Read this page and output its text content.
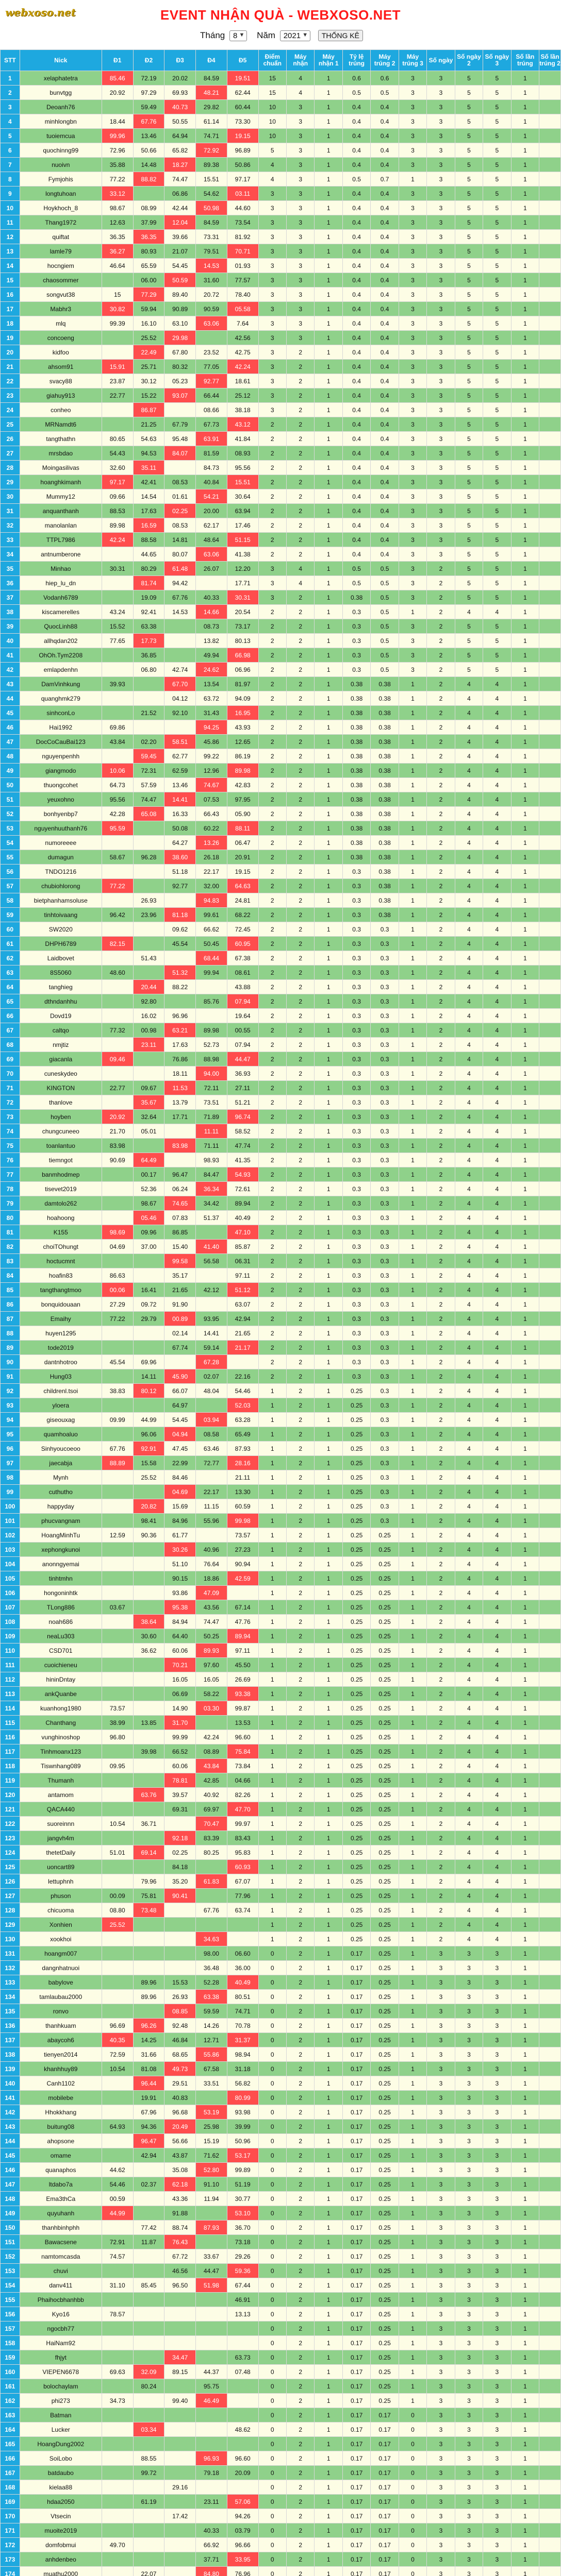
webxoso.net	EVENT NHẬN QUÀ - WEBXOSO.NET
Tháng 8 ▼ Năm 2021 ▼ THỐNG KÊ
STT	Nick	Đ1	Đ2	Đ3	Đ4	Đ5	Điểm chuẩn	Máy nhận	Máy nhận 1	Tỷ lệ trúng	Máy trúng 2	Máy trúng 3	Số ngày	Số ngày 2	Số ngày 3	Số lần trúng	Số lần trúng 2
1	xelaphatetra	85.46	72.19	20.02	84.59	19.51	15	4	1	0.6	0.6	3	3	5	5	1	
2	bunvtgg	20.92	97.29	69.93	48.21	62.44	15	4	1	0.5	0.5	3	3	5	5	1	
3	Deoanh76		59.49	40.73	29.82	60.44	10	3	1	0.4	0.4	3	3	5	5	1	
4	minhlongbn	18.44	67.76	50.55	61.14	73.30	10	3	1	0.4	0.4	3	3	5	5	1	
5	tuoiemcua	99.96	13.46	64.94	74.71	19.15	10	3	1	0.4	0.4	3	3	5	5	1	
6	quochinng99	72.96	50.66	65.82	72.92	96.89	5	3	1	0.4	0.4	3	3	5	5	1	
7	nuoivn	35.88	14.48	18.27	89.38	50.86	4	3	1	0.4	0.4	3	3	5	5	1	
8	Fymjohis	77.22	88.82	74.47	15.51	97.17	4	3	1	0.5	0.7	1	3	5	5	1	
9	longtuhoan	33.12		06.86	54.62	03.11	3	3	1	0.4	0.4	3	3	5	5	1	
10	Hoykhoch_8	98.67	08.99	42.44	50.98	44.60	3	3	1	0.4	0.4	3	3	5	5	1	
11	Thang1972	12.63	37.99	12.04	84.59	73.54	3	3	1	0.4	0.4	3	3	5	5	1	
12	quiftat	36.35	36.35	39.66	73.31	81.92	3	3	1	0.4	0.4	3	3	5	5	1	
13	lamle79	36.27	80.93	21.07	79.51	70.71	3	3	1	0.4	0.4	3	3	5	5	1	
14	hocngiem	46.64	65.59	54.45	14.53	01.93	3	3	1	0.4	0.4	3	3	5	5	1	
15	chaosommer		06.00	50.59	31.60	77.57	3	3	1	0.4	0.4	3	3	5	5	1	
16	songvut38	15	77.29	89.40	20.72	78.40	3	3	1	0.4	0.4	3	3	5	5	1	
17	Mabhr3	30.82	59.94	90.89	90.59	05.58	3	3	1	0.4	0.4	3	3	5	5	1	
18	mlq	99.39	16.10	63.10	63.06	7.64	3	3	1	0.4	0.4	3	3	5	5	1	
19	concoeng		25.52	29.98		42.56	3	3	1	0.4	0.4	3	3	5	5	1	
20	kidfoo		22.49	67.80	23.52	42.75	3	2	1	0.4	0.4	3	3	5	5	1	
21	ahsom91	15.91	25.71	80.32	77.05	42.24	3	2	1	0.4	0.4	3	3	5	5	1	
22	svacy88	23.87	30.12	05.23	92.77	18.61	3	2	1	0.4	0.4	3	3	5	5	1	
23	giahuy913	22.77	15.22	93.07	66.44	25.12	3	2	1	0.4	0.4	3	3	5	5	1	
24	conheo		86.87		08.66	38.18	3	2	1	0.4	0.4	3	3	5	5	1	
25	MRNamdt6		21.25	67.79	67.73	43.12	2	2	1	0.4	0.4	3	3	5	5	1	
26	tangthathn	80.65	54.63	95.48	63.91	41.84	2	2	1	0.4	0.4	3	3	5	5	1	
27	mrsbdao	54.43	94.53	84.07	81.59	08.93	2	2	1	0.4	0.4	3	3	5	5	1	
28	Moingasilivas	32.60	35.11		84.73	95.56	2	2	1	0.4	0.4	3	3	5	5	1	
29	hoanghkimanh	97.17	42.41	08.53	40.84	15.51	2	2	1	0.4	0.4	3	3	5	5	1	
30	Mummy12	09.66	14.54	01.61	54.21	30.64	2	2	1	0.4	0.4	3	3	5	5	1	
31	anquanthanh	88.53	17.63	02.25	20.00	63.94	2	2	1	0.4	0.4	3	3	5	5	1	
32	manolanlan	89.98	16.59	08.53	62.17	17.46	2	2	1	0.4	0.4	3	3	5	5	1	
33	TTPL7986	42.24	88.58	14.81	48.64	51.15	2	2	1	0.4	0.4	3	3	5	5	1	
34	antnumberone		44.65	80.07	63.06	41.38	2	2	1	0.4	0.4	3	3	5	5	1	
35	Minhao	30.31	80.29	61.48	26.07	12.20	3	4	1	0.5	0.5	3	2	5	5	1	
36	hiep_lu_dn		81.74	94.42		17.71	3	4	1	0.5	0.5	3	2	5	5	1	
37	Vodanh6789		19.09	67.76	40.33	30.31	3	2	1	0.38	0.5	3	2	5	5	1	
38	kiscamerelles	43.24	92.41	14.53	14.66	20.54	2	2	1	0.3	0.5	1	2	4	4	1	
39	QuocLinh88	15.52	63.38		08.73	73.17	2	2	1	0.3	0.5	3	2	5	5	1	
40	allhqdan202	77.65	17.73		13.82	80.13	2	2	1	0.3	0.5	3	2	5	5	1	
41	OhOh.Tym2208		36.85		49.94	66.98	2	2	1	0.3	0.5	3	2	5	5	1	
42	emlapdenhn		06.80	42.74	24.62	06.96	2	2	1	0.3	0.5	3	2	5	5	1	
43	DamVinhkung	39.93		67.70	13.54	81.97	2	2	1	0.38	0.38	1	2	4	4	1	
44	quanghmk279			04.12	63.72	94.09	2	2	1	0.38	0.38	1	2	4	4	1	
45	sinhconLo		21.52	92.10	31.43	16.95	2	2	1	0.38	0.38	1	2	4	4	1	
46	Hai1992	69.86			94.25	43.93	2	2	1	0.38	0.38	1	2	4	4	1	
47	DocCoCauBai123	43.84	02.20	58.51	45.86	12.65	2	2	1	0.38	0.38	1	2	4	4	1	
48	nguyenpenhh		59.45	62.77	99.22	86.19	2	2	1	0.38	0.38	1	2	4	4	1	
49	giangmodo	10.06	72.31	62.59	12.96	89.98	2	2	1	0.38	0.38	1	2	4	4	1	
50	thuongcohet	64.73	57.59	13.46	74.67	42.83	2	2	1	0.38	0.38	1	2	4	4	1	
51	yeuxohno	95.56	74.47	14.41	07.53	97.95	2	2	1	0.38	0.38	1	2	4	4	1	
52	bonhyenbp7	42.28	65.08	16.33	66.43	05.90	2	2	1	0.38	0.38	1	2	4	4	1	
53	nguyenhuuthanh76	95.59		50.08	60.22	88.11	2	2	1	0.38	0.38	1	2	4	4	1	
54	numoreeee			64.27	13.26	06.47	2	2	1	0.38	0.38	1	2	4	4	1	
55	dumagun	58.67	96.28	38.60	26.18	20.91	2	2	1	0.38	0.38	1	2	4	4	1	
56	TNDO1216			51.18	22.17	19.15	2	2	1	0.3	0.38	1	2	4	4	1	
57	chubiohlorong	77.22		92.77	32.00	64.63	2	2	1	0.3	0.38	1	2	4	4	1	
58	bietphanhamsoluse		26.93		94.83	24.81	2	2	1	0.3	0.38	1	2	4	4	1	
59	tinhtoivaang	96.42	23.96	81.18	99.61	68.22	2	2	1	0.3	0.38	1	2	4	4	1	
60	SW2020			09.62	66.62	72.45	2	2	1	0.3	0.3	1	2	4	4	1	
61	DHPH6789	82.15		45.54	50.45	60.95	2	2	1	0.3	0.3	1	2	4	4	1	
62	Laidbovet		51.43		68.44	67.38	2	2	1	0.3	0.3	1	2	4	4	1	
63	8S5060	48.60		51.32	99.94	08.61	2	2	1	0.3	0.3	1	2	4	4	1	
64	tanghieg		20.44	88.22		43.88	2	2	1	0.3	0.3	1	2	4	4	1	
65	dthndanhhu		92.80		85.76	07.94	2	2	1	0.3	0.3	1	2	4	4	1	
66	Dovd19		16.02	96.96		19.64	2	2	1	0.3	0.3	1	2	4	4	1	
67	caltqo	77.32	00.98	63.21	89.98	00.55	2	2	1	0.3	0.3	1	2	4	4	1	
68	nmjtiz		23.11	17.63	52.73	07.94	2	2	1	0.3	0.3	1	2	4	4	1	
69	giacanla	09.46		76.86	88.98	44.47	2	2	1	0.3	0.3	1	2	4	4	1	
70	cuneskydeo			18.11	94.00	36.93	2	2	1	0.3	0.3	1	2	4	4	1	
71	KINGTON	22.77	09.67	11.53	72.11	27.11	2	2	1	0.3	0.3	1	2	4	4	1	
72	thanlove		35.67	13.79	73.51	51.21	2	2	1	0.3	0.3	1	2	4	4	1	
73	hoyben	20.92	32.64	17.71	71.89	96.74	2	2	1	0.3	0.3	1	2	4	4	1	
74	chungcuneeo	21.70	05.01		11.11	58.52	2	2	1	0.3	0.3	1	2	4	4	1	
75	toanlantuo	83.98		83.98	71.11	47.74	2	2	1	0.3	0.3	1	2	4	4	1	
76	tiemngot	90.69	64.49		98.93	41.35	2	2	1	0.3	0.3	1	2	4	4	1	
77	banmhodmep		00.17	96.47	84.47	54.93	2	2	1	0.3	0.3	1	2	4	4	1	
78	tisevet2019		52.36	06.24	36.34	72.61	2	2	1	0.3	0.3	1	2	4	4	1	
79	damtolo262		98.67	74.65	34.42	89.94	2	2	1	0.3	0.3	1	2	4	4	1	
80	hoahoong		05.46	07.83	51.37	40.49	2	2	1	0.3	0.3	1	2	4	4	1	
81	K155	98.69	09.96	86.85		47.10	2	2	1	0.3	0.3	1	2	4	4	1	
82	choiTOhungt	04.69	37.00	15.40	41.40	85.87	2	2	1	0.3	0.3	1	2	4	4	1	
83	hoctucmnt			99.58	56.58	06.31	2	2	1	0.3	0.3	1	2	4	4	1	
84	hoafin83	86.63		35.17		97.11	2	2	1	0.3	0.3	1	2	4	4	1	
85	tangthangtmoo	00.06	16.41	21.65	42.12	51.12	2	2	1	0.3	0.3	1	2	4	4	1	
86	bonquidouaan	27.29	09.72	91.90		63.07	2	2	1	0.3	0.3	1	2	4	4	1	
87	Emaihy	77.22	29.79	00.89	93.95	42.94	2	2	1	0.3	0.3	1	2	4	4	1	
88	huyen1295			02.14	14.41	21.65	2	2	1	0.3	0.3	1	2	4	4	1	
89	tode2019			67.74	59.14	21.17	2	2	1	0.3	0.3	1	2	4	4	1	
90	dantnhotroo	45.54	69.96		67.28		2	2	1	0.3	0.3	1	2	4	4	1	
91	Hung03		14.11	45.90	02.07	22.16	2	2	1	0.3	0.3	1	2	4	4	1	
92	childrenl.tsoi	38.83	80.12	66.07	48.04	54.46	1	2	1	0.25	0.3	1	2	4	4	1	
93	yloera			64.97		52.03	1	2	1	0.25	0.3	1	2	4	4	1	
94	giseouxag	09.99	44.99	54.45	03.94	63.28	1	2	1	0.25	0.3	1	2	4	4	1	
95	quamhoaluo		96.06	04.94	08.58	65.49	1	2	1	0.25	0.3	1	2	4	4	1	
96	Sinhyoucoeoo	67.76	92.91	47.45	63.46	87.93	1	2	1	0.25	0.3	1	2	4	4	1	
97	jaecabja	88.89	15.58	22.99	72.77	28.16	1	2	1	0.25	0.3	1	2	4	4	1	
98	Mynh		25.52	84.46		21.11	1	2	1	0.25	0.3	1	2	4	4	1	
99	cuthutho			04.69	22.17	13.30	1	2	1	0.25	0.3	1	2	4	4	1	
100	happyday		20.82	15.69	11.15	60.59	1	2	1	0.25	0.3	1	2	4	4	1	
101	phucvangnam		98.41	84.96	55.96	99.98	1	2	1	0.25	0.3	1	2	4	4	1	
102	HoangMinhTu	12.59	90.36	61.77		73.57	1	2	1	0.25	0.25	1	2	4	4	1	
103	xephongkunoi			30.26	40.96	27.23	1	2	1	0.25	0.25	1	2	4	4	1	
104	anonngyemai			51.10	76.64	90.94	1	2	1	0.25	0.25	1	2	4	4	1	
105	tinhtmhn			90.15	18.86	42.59	1	2	1	0.25	0.25	1	2	4	4	1	
106	hongoninhtk			93.86	47.09		1	2	1	0.25	0.25	1	2	4	4	1	
107	TLong886	03.67		95.38	43.56	67.14	1	2	1	0.25	0.25	1	2	4	4	1	
108	noah686		38.64	84.94	74.47	47.76	1	2	1	0.25	0.25	1	2	4	4	1	
109	neaLu303		30.60	64.40	50.25	89.94	1	2	1	0.25	0.25	1	2	4	4	1	
110	CSD701		36.62	60.06	89.93	97.11	1	2	1	0.25	0.25	1	2	4	4	1	
111	cuoichieneu			70.21	97.60	45.50	1	2	1	0.25	0.25	1	2	4	4	1	
112	hininDntay			16.05	16.05	26.69	1	2	1	0.25	0.25	1	2	4	4	1	
113	ankQuanbe			06.69	58.22	93.38	1	2	1	0.25	0.25	1	2	4	4	1	
114	kuanhong1980	73.57		14.90	03.30	99.87	1	2	1	0.25	0.25	1	2	4	4	1	
115	Chanthang	38.99	13.85	31.70		13.53	1	2	1	0.25	0.25	1	2	4	4	1	
116	vunghinoshop	96.80		99.99	42.24	96.60	1	2	1	0.25	0.25	1	2	4	4	1	
117	Tinhmoanx123		39.98	66.52	08.89	75.84	1	2	1	0.25	0.25	1	2	4	4	1	
118	Tiswnhang089	09.95		60.06	43.84	73.84	1	2	1	0.25	0.25	1	2	4	4	1	
119	Thumanh			78.81	42.85	04.66	1	2	1	0.25	0.25	1	2	4	4	1	
120	antamom		63.76	39.57	40.92	82.26	1	2	1	0.25	0.25	1	2	4	4	1	
121	QACA440			69.31	69.97	47.70	1	2	1	0.25	0.25	1	2	4	4	1	
122	suoreinnn	10.54	36.71		70.47	99.97	1	2	1	0.25	0.25	1	2	4	4	1	
123	jangvh4m			92.18	83.39	83.43	1	2	1	0.25	0.25	1	2	4	4	1	
124	thetetDaily	51.01	69.14	02.25	80.25	95.83	1	2	1	0.25	0.25	1	2	4	4	1	
125	uoncart89			84.18		60.93	1	2	1	0.25	0.25	1	2	4	4	1	
126	lettuphnh		79.96	35.20	61.83	67.07	1	2	1	0.25	0.25	1	2	4	4	1	
127	phuson	00.09	75.81	90.41		77.96	1	2	1	0.25	0.25	1	2	4	4	1	
128	chicuoma	08.80	73.48		67.76	63.74	1	2	1	0.25	0.25	1	2	4	4	1	
129	Xonhien	25.52					1	2	1	0.25	0.25	1	2	4	4	1	
130	xookhoi				34.63		1	2	1	0.25	0.25	1	2	4	4	1	
131	hoangm007				98.00	06.60	0	2	1	0.17	0.25	1	3	3	3	1	
132	dangnhatnuoi				36.48	36.00	0	2	1	0.17	0.25	1	3	3	3	1	
133	babylove		89.96	15.53	52.28	40.49	0	2	1	0.17	0.25	1	3	3	3	1	
134	tamlaubau2000		89.96	26.93	63.38	80.51	0	2	1	0.17	0.25	1	3	3	3	1	
135	ronvo			08.85	59.59	74.71	0	2	1	0.17	0.25	1	3	3	3	1	
136	thanhkuam	96.69	96.26	92.48	14.26	70.78	0	2	1	0.17	0.25	1	3	3	3	1	
137	abaycoh6	40.35	14.25	46.84	12.71	31.37	0	2	1	0.17	0.25	1	3	3	3	1	
138	tienyen2014	72.59	31.66	68.65	55.86	98.94	0	2	1	0.17	0.25	1	3	3	3	1	
139	khanhhuy89	10.54	81.08	49.73	67.58	31.18	0	2	1	0.17	0.25	1	3	3	3	1	
140	Canh1102		96.44	29.51	33.51	56.82	0	2	1	0.17	0.25	1	3	3	3	1	
141	mobilebe		19.91	40.83		80.99	0	2	1	0.17	0.25	1	3	3	3	1	
142	Hhokkhang		67.96	96.68	53.19	93.98	0	2	1	0.17	0.25	1	3	3	3	1	
143	buitung08	64.93	94.36	20.49	25.98	39.99	0	2	1	0.17	0.25	1	3	3	3	1	
144	ahopsone		96.47	56.66	15.19	50.96	0	2	1	0.17	0.25	1	3	3	3	1	
145	omame		42.94	43.87	71.62	53.17	0	2	1	0.17	0.25	1	3	3	3	1	
146	quanaphos	44.62		35.08	52.80	99.89	0	2	1	0.17	0.25	1	3	3	3	1	
147	ltdabo7a	54.46	02.37	62.18	91.10	51.19	0	2	1	0.17	0.25	1	3	3	3	1	
148	Ema3thCa	00.59		43.36	11.94	30.77	0	2	1	0.17	0.25	1	3	3	3	1	
149	quyuhanh	44.99		91.88		53.10	0	2	1	0.17	0.25	1	3	3	3	1	
150	thanhbinhphh		77.42	88.74	87.93	36.70	0	2	1	0.17	0.25	1	3	3	3	1	
151	Bawacsene	72.91	11.87	76.43		73.18	0	2	1	0.17	0.25	1	3	3	3	1	
152	namtomcasda	74.57		67.72	33.67	29.26	0	2	1	0.17	0.25	1	3	3	3	1	
153	chuvi			46.56	44.47	59.36	0	2	1	0.17	0.25	1	3	3	3	1	
154	danv411	31.10	85.45	96.50	51.98	67.44	0	2	1	0.17	0.25	1	3	3	3	1	
155	Phaihocbhanhbb					46.91	0	2	1	0.17	0.25	1	3	3	3	1	
156	Kyo16	78.57				13.13	0	2	1	0.17	0.25	1	3	3	3	1	
157	ngocbh77						0	2	1	0.17	0.25	1	3	3	3	1	
158	HaiNam92						0	2	1	0.17	0.25	1	3	3	3	1	
159	fhjyt			34.47		63.73	0	2	1	0.17	0.25	1	3	3	3	1	
160	VIEPEN6678	69.63	32.09	89.15	44.37	07.48	0	2	1	0.17	0.25	1	3	3	3	1	
161	bolochaylam		80.24		95.75		0	2	1	0.17	0.25	1	3	3	3	1	
162	phi273	34.73		99.40	46.49		0	2	1	0.17	0.25	1	3	3	3	1	
163	Batman						0	2	1	0.17	0.17	0	3	3	3	1	
164	Lucker		03.34			48.62	0	2	1	0.17	0.17	0	3	3	3	1	
165	HoangDung2002						0	2	1	0.17	0.17	0	3	3	3	1	
166	SoiLobo		88.55		96.93	96.60	0	2	1	0.17	0.17	0	3	3	3	1	
167	batdaubo		99.72		79.18	20.09	0	2	1	0.17	0.17	0	3	3	3	1	
168	kielaa88			29.16			0	2	1	0.17	0.17	0	3	3	3	1	
169	hdaa2050		61.19		23.11	57.06	0	2	1	0.17	0.17	0	3	3	3	1	
170	Vtsecin			17.42		94.26	0	2	1	0.17	0.17	0	3	3	3	1	
171	muoite2019				40.33	03.79	0	2	1	0.17	0.17	0	3	3	3	1	
172	domfobmui	49.70			66.92	96.66	0	2	1	0.17	0.17	0	3	3	3	1	
173	anhdenbeo				37.71	33.95	0	2	1	0.17	0.17	0	3	3	3	1	
174	muathu2000		22.07		84.80	76.96	0	2	1	0.17	0.17	0	3	3	3	1	
